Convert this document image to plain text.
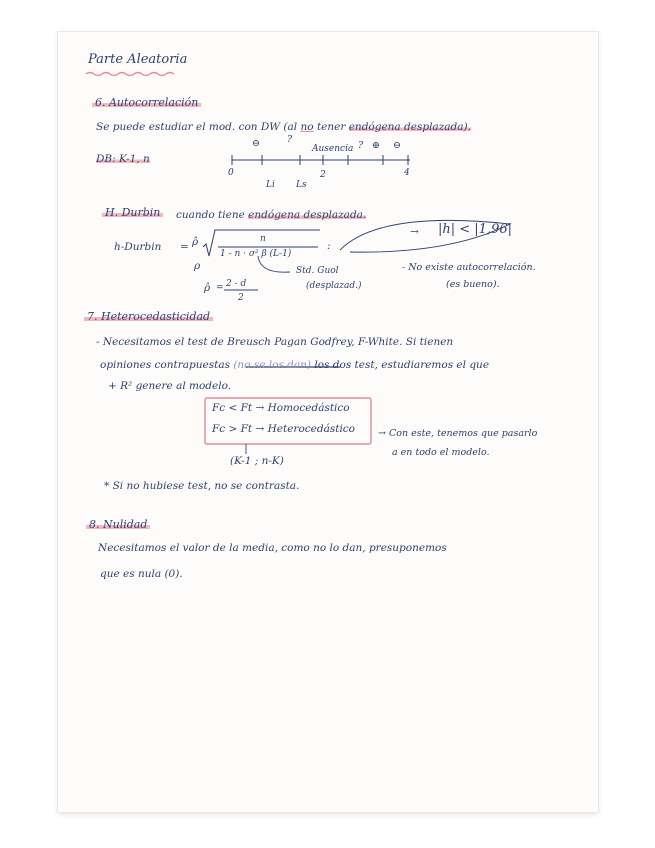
Parte Aleatoria
6. Autocorrelación
Se puede estudiar el mod. con DW (al no tener endógena desplazada).
DB: K-1, n
⊖	?
Ausencia ? ⊕ ⊖
0
Li Ls
2	4
H. Durbin cuando tiene endógena desplazada.
h-Durbin = ρ̂
ρ
n
1 - n · σ² β (L-1)
:
→ |h| < |1,96|
Std. Guol
(desplazad.)
ρ̂ = 2 - d
2
- No existe autocorrelación.
(es bueno).
7. Heterocedasticidad
- Necesitamos el test de Breusch Pagan Godfrey, F-White. Si tienen
opiniones contrapuestas (no se los dan) los dos test, estudiaremos el que
+ R² genere al modelo.
Fc < Ft → Homocedástico
Fc > Ft → Heterocedástico
(K-1 ; n-K)
→ Con este, tenemos que pasarlo
a en todo el modelo.
* Si no hubiese test, no se contrasta.
8. Nulidad
Necesitamos el valor de la media, como no lo dan, presuponemos
que es nula (0).
